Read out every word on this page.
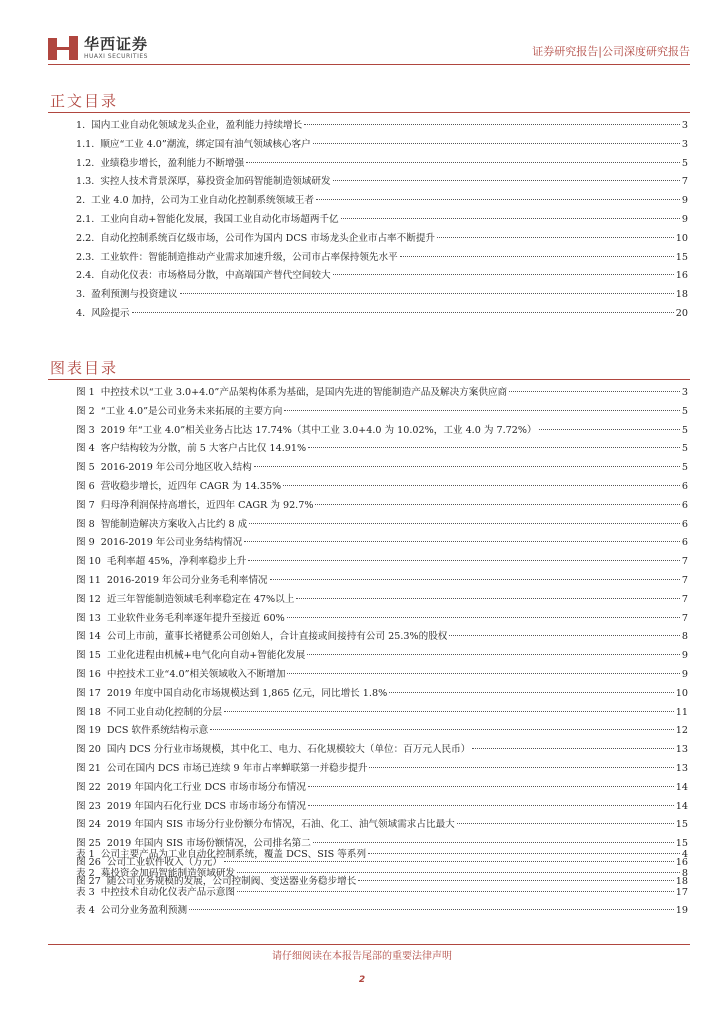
华西证券
HUAXI SECURITIES	证券研究报告|公司深度研究报告
正文目录
1. 国内工业自动化领域龙头企业，盈利能力持续增长	3
1.1. 顺应“工业 4.0”潮流，绑定国有油气领域核心客户	3
1.2. 业绩稳步增长，盈利能力不断增强	5
1.3. 实控人技术背景深厚，募投资金加码智能制造领域研发	7
2. 工业 4.0 加持，公司为工业自动化控制系统领域王者	9
2.1. 工业向自动+智能化发展，我国工业自动化市场超两千亿	9
2.2. 自动化控制系统百亿级市场，公司作为国内 DCS 市场龙头企业市占率不断提升	10
2.3. 工业软件：智能制造推动产业需求加速升级，公司市占率保持领先水平	15
2.4. 自动化仪表：市场格局分散，中高端国产替代空间较大	16
3. 盈利预测与投资建议	18
4. 风险提示	20
图表目录
图 1 中控技术以“工业 3.0+4.0”产品架构体系为基础，是国内先进的智能制造产品及解决方案供应商	3
图 2 “工业 4.0”是公司业务未来拓展的主要方向	5
图 3 2019 年“工业 4.0”相关业务占比达 17.74%（其中工业 3.0+4.0 为 10.02%，工业 4.0 为 7.72%）	5
图 4 客户结构较为分散，前 5 大客户占比仅 14.91%	5
图 5 2016-2019 年公司分地区收入结构	5
图 6 营收稳步增长，近四年 CAGR 为 14.35%	6
图 7 归母净利润保持高增长，近四年 CAGR 为 92.7%	6
图 8 智能制造解决方案收入占比约 8 成	6
图 9 2016-2019 年公司业务结构情况	6
图 10 毛利率超 45%，净利率稳步上升	7
图 11 2016-2019 年公司分业务毛利率情况	7
图 12 近三年智能制造领域毛利率稳定在 47%以上	7
图 13 工业软件业务毛利率逐年提升至接近 60%	7
图 14 公司上市前，董事长褚健系公司创始人，合计直接或间接持有公司 25.3%的股权	8
图 15 工业化进程由机械+电气化向自动+智能化发展	9
图 16 中控技术工业“4.0”相关领域收入不断增加	9
图 17 2019 年度中国自动化市场规模达到 1,865 亿元，同比增长 1.8%	10
图 18 不同工业自动化控制的分层	11
图 19 DCS 软件系统结构示意	12
图 20 国内 DCS 分行业市场规模，其中化工、电力、石化规模较大（单位：百万元人民币）	13
图 21 公司在国内 DCS 市场已连续 9 年市占率蝉联第一并稳步提升	13
图 22 2019 年国内化工行业 DCS 市场市场分布情况	14
图 23 2019 年国内石化行业 DCS 市场市场分布情况	14
图 24 2019 年国内 SIS 市场分行业份额分布情况，石油、化工、油气领域需求占比最大	15
图 25 2019 年国内 SIS 市场份额情况，公司排名第二	15
图 26 公司工业软件收入（万元）	16
图 27 随公司业务规模的发展，公司控制阀、变送器业务稳步增长	18
表 1 公司主要产品为工业自动化控制系统，覆盖 DCS、SIS 等系列	4
表 2 募投资金加码智能制造领域研发	8
表 3 中控技术自动化仪表产品示意图	17
表 4 公司分业务盈利预测	19
请仔细阅读在本报告尾部的重要法律声明
2
